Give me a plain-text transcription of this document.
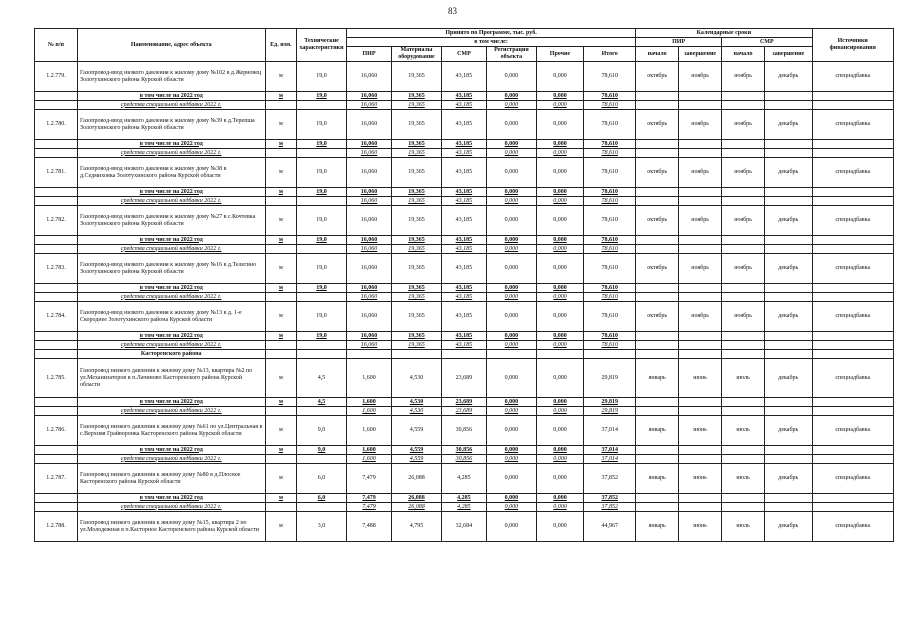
83
№ п/п	Наименование, адрес объекта	Ед. изм.	Технические характеристики	Принято по Программе, тыс. руб.						Календарные сроки				Источники финансирования
				в том числе:						ПИР		СМР		
				ПИР	Материалы оборудование	СМР	Регистрация объекта	Прочие	Итого	начало	завершение	начало	завершение	
1.2.779.	Газопровод-ввод низкого давления к жилому дому №102 в д.Жерновец Золотухинского района Курской области	м	19,0	16,060	19,365	43,185	0,000	0,000	78,610	октябрь	ноябрь	ноябрь	декабрь	спецнадбавка
	в том числе на 2022 год	м	19,0	16,060	19,365	43,185	0,000	0,000	78,610					
	средства специальной надбавки 2022 г.			16,060	19,365	43,185	0,000	0,000	78,610					
1.2.780.	Газопровод-ввод низкого давления к жилому дому №39 в д.Терепша Золотухинского района Курской области	м	19,0	16,060	19,365	43,185	0,000	0,000	78,610	октябрь	ноябрь	ноябрь	декабрь	спецнадбавка
	в том числе на 2022 год	м	19,0	16,060	19,365	43,185	0,000	0,000	78,610					
	средства специальной надбавки 2022 г.			16,060	19,365	43,185	0,000	0,000	78,610					
1.2.781.	Газопровод-ввод низкого давления к жилому дому №38 в д.Седмиховка Золотухинского района Курской области	м	19,0	16,060	19,365	43,185	0,000	0,000	78,610	октябрь	ноябрь	ноябрь	декабрь	спецнадбавка
	в том числе на 2022 год	м	19,0	16,060	19,365	43,185	0,000	0,000	78,610					
	средства специальной надбавки 2022 г.			16,060	19,365	43,185	0,000	0,000	78,610					
1.2.782.	Газопровод-ввод низкого давления к жилому дому №27 в с.Кочтевка Золотухинского района Курской области	м	19,0	16,060	19,365	43,185	0,000	0,000	78,610	октябрь	ноябрь	ноябрь	декабрь	спецнадбавка
	в том числе на 2022 год	м	19,0	16,060	19,365	43,185	0,000	0,000	78,610					
	средства специальной надбавки 2022 г.			16,060	19,365	43,185	0,000	0,000	78,610					
1.2.783.	Газопровод-ввод низкого давления к жилому дому №16 в д.Телегино Золотухинского района Курской области	м	19,0	16,060	19,365	43,185	0,000	0,000	78,610	октябрь	ноябрь	ноябрь	декабрь	спецнадбавка
	в том числе на 2022 год	м	19,0	16,060	19,365	43,185	0,000	0,000	78,610					
	средства специальной надбавки 2022 г.			16,060	19,365	43,185	0,000	0,000	78,610					
1.2.784.	Газопровод-ввод низкого давления к жилому дому №13 в д. 1-е Скороднее Золотухинского района Курской области	м	19,0	16,060	19,365	43,185	0,000	0,000	78,610	октябрь	ноябрь	ноябрь	декабрь	спецнадбавка
	в том числе на 2022 год	м	19,0	16,060	19,365	43,185	0,000	0,000	78,610					
	средства специальной надбавки 2022 г.			16,060	19,365	43,185	0,000	0,000	78,610					
	Касторенского района													
1.2.785.	Газопровод низкого давления к жилому дому №13, квартира №2 по ул.Механизаторов в п.Лачиново Касторенского района Курской области	м	4,5	1,600	4,530	23,689	0,000	0,000	29,819	январь	июнь	июль	декабрь	спецнадбавка
	в том числе на 2022 год	м	4,5	1,600	4,530	23,689	0,000	0,000	29,819					
	средства специальной надбавки 2022 г.			1,600	4,530	23,689	0,000	0,000	29,819					
1.2.786.	Газопровод низкого давления к жилому дому №61 по ул.Центральная в с.Верхняя Грайворонка Касторенского района Курской области	м	9,0	1,600	4,559	30,856	0,000	0,000	37,014	январь	июнь	июль	декабрь	спецнадбавка
	в том числе на 2022 год	м	9,0	1,600	4,559	30,856	0,000	0,000	37,014					
	средства специальной надбавки 2022 г.			1,600	4,559	30,856	0,000	0,000	37,014					
1.2.787.	Газопровод низкого давления к жилому дому №80 в д.Плоское Касторенского района Курской области	м	6,0	7,479	26,088	4,285	0,000	0,000	37,852	январь	июнь	июль	декабрь	спецнадбавка
	в том числе на 2022 год	м	6,0	7,479	26,088	4,285	0,000	0,000	37,852					
	средства специальной надбавки 2022 г.			7,479	26,088	4,285	0,000	0,000	37,852					
1.2.788.	Газопровод низкого давления к жилому дому №15, квартира 2 по ул.Молодежная в п.Касторное Касторенского района Курской области	м	3,0	7,488	4,795	32,684	0,000	0,000	44,967	январь	июнь	июль	декабрь	спецнадбавка
